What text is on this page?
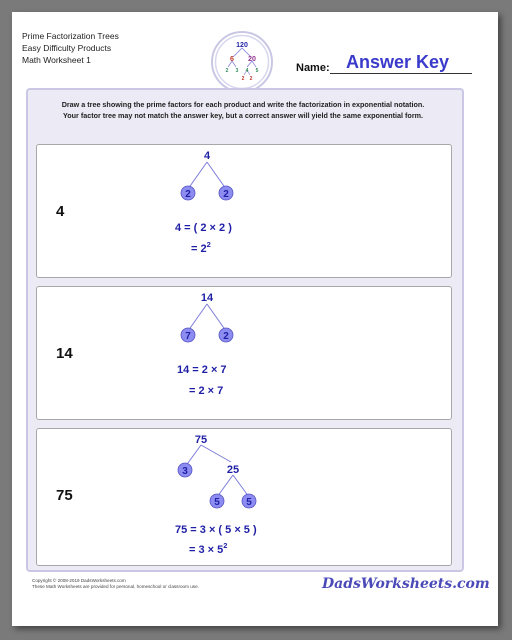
Prime Factorization Trees
Easy Difficulty Products
Math Worksheet 1
120
6 20
2 3 4 5
2 2
Name: Answer Key
Draw a tree showing the prime factors for each product and write the factorization in exponential notation.
Your factor tree may not match the answer key, but a correct answer will yield the same exponential form.
4
2	2
4 = ( 2 × 2 )
= $2^2$
4
14
7	2
14 = 2 × 7
= 2 × 7
14
75
3	25
5	5
75 = 3 × ( 5 × 5 )
= $3 \times 5^2$
75
Copyright © 2008-2019 DadsWorksheets.com
These Math Worksheets are provided for personal, homeschool or classroom use.	DadsWorksheets.com
